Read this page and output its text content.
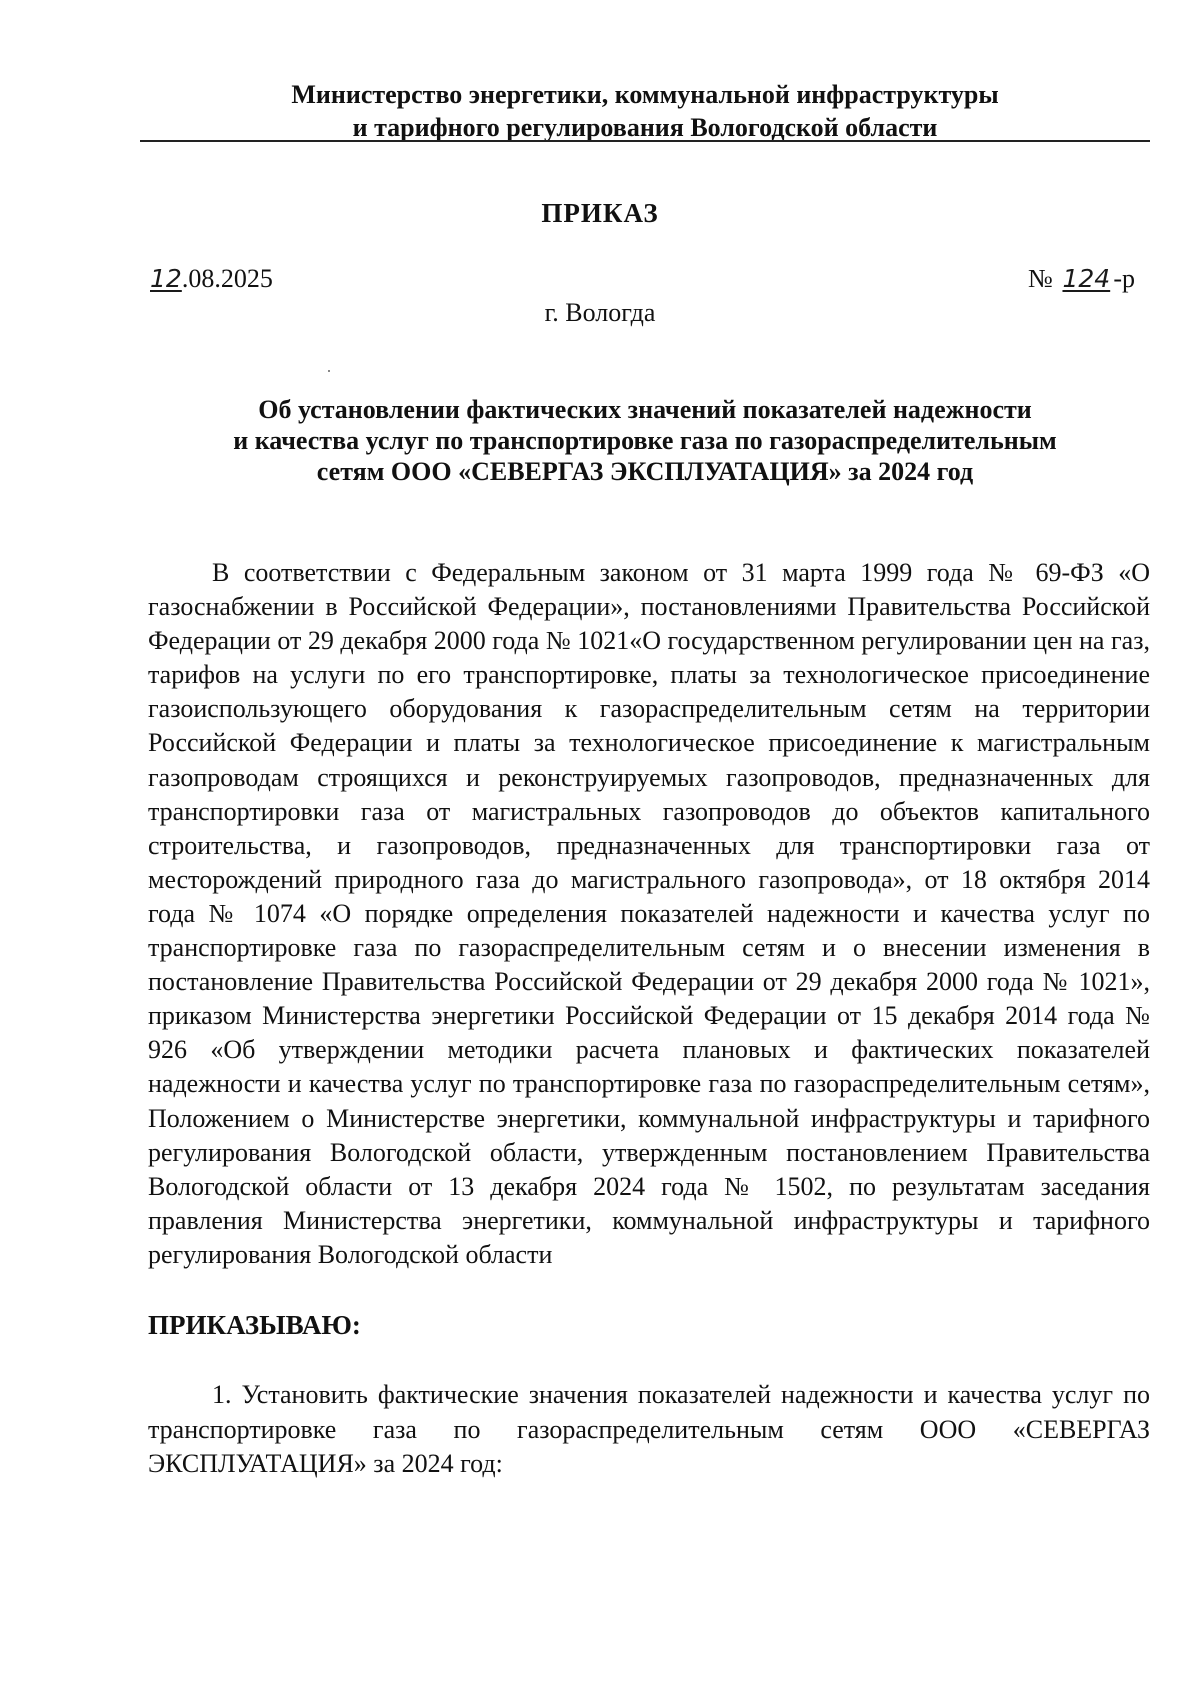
Министерство энергетики, коммунальной инфраструктуры
и тарифного регулирования Вологодской области
ПРИКАЗ
12.08.2025	№ 124 -р
г. Вологда
Об установлении фактических значений показателей надежности
и качества услуг по транспортировке газа по газораспределительным
сетям ООО «СЕВЕРГАЗ ЭКСПЛУАТАЦИЯ» за 2024 год

В соответствии с Федеральным законом от 31 марта 1999 года № 69-ФЗ «О газоснабжении в Российской Федерации», постановлениями Правительства Российской Федерации от 29 декабря 2000 года № 1021«О государственном регулировании цен на газ, тарифов на услуги по его транспортировке, платы за технологическое присоединение газоиспользующего оборудования к газораспределительным сетям на территории Российской Федерации и платы за технологическое присоединение к магистральным газопроводам строящихся и реконструируемых газопроводов, предназначенных для транспортировки газа от магистральных газопроводов до объектов капитального строительства, и газопроводов, предназначенных для транспортировки газа от месторождений природного газа до магистрального газопровода», от 18 октября 2014 года № 1074 «О порядке определения показателей надежности и качества услуг по транспортировке газа по газораспределительным сетям и о внесении изменения в постановление Правительства Российской Федерации от 29 декабря 2000 года № 1021», приказом Министерства энергетики Российской Федерации от 15 декабря 2014 года № 926 «Об утверждении методики расчета плановых и фактических показателей надежности и качества услуг по транспортировке газа по газораспределительным сетям», Положением о Министерстве энергетики, коммунальной инфраструктуры и тарифного регулирования Вологодской области, утвержденным постановлением Правительства Вологодской области от 13 декабря 2024 года № 1502, по результатам заседания правления Министерства энергетики, коммунальной инфраструктуры и тарифного регулирования Вологодской области

ПРИКАЗЫВАЮ:

1. Установить фактические значения показателей надежности и качества услуг по транспортировке газа по газораспределительным сетям ООО «СЕВЕРГАЗ ЭКСПЛУАТАЦИЯ» за 2024 год:
